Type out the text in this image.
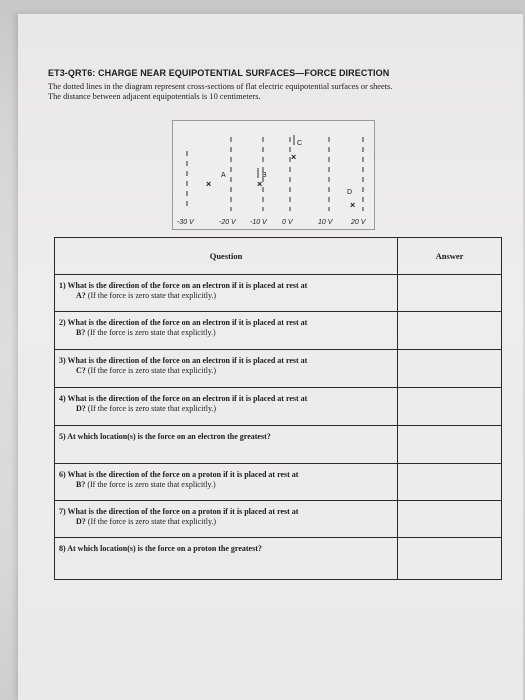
ET3-QRT6: CHARGE NEAR EQUIPOTENTIAL SURFACES—FORCE DIRECTION
The dotted lines in the diagram represent cross-sections of flat electric equipotential surfaces or sheets.
The distance between adjacent equipotentials is 10 centimeters.
C
×
A
×
B
×
D
×
-30 V	-20 V -10 V 0 V	10 V	20 V
Question	Answer

1) What is the direction of the force on an electron if it is placed at rest at
A? (If the force is zero state that explicitly.)	

2) What is the direction of the force on an electron if it is placed at rest at
B? (If the force is zero state that explicitly.)	

3) What is the direction of the force on an electron if it is placed at rest at
C? (If the force is zero state that explicitly.)	

4) What is the direction of the force on an electron if it is placed at rest at
D? (If the force is zero state that explicitly.)	

5) At which location(s) is the force on an electron the greatest?	

6) What is the direction of the force on a proton if it is placed at rest at
B? (If the force is zero state that explicitly.)	

7) What is the direction of the force on a proton if it is placed at rest at
D? (If the force is zero state that explicitly.)	

8) At which location(s) is the force on a proton the greatest?	
